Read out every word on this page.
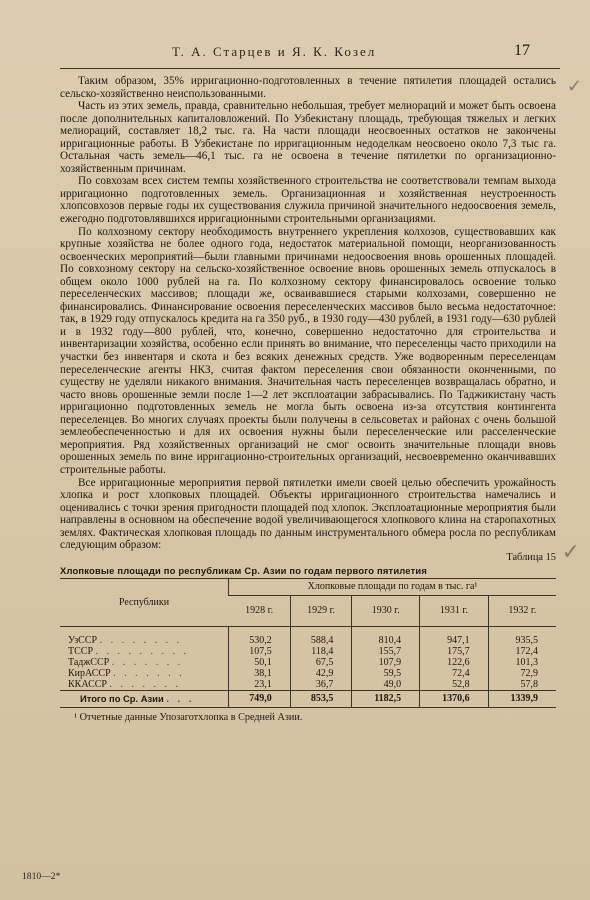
Т. А. Старцев и Я. К. Козел	17

Таким образом, 35% ирригационно-подготовленных в течение пятилетия площадей остались сельско-хозяйственно неиспользованными.

Часть из этих земель, правда, сравнительно небольшая, требует мелиораций и может быть освоена после дополнительных капиталовложений. По Узбекистану площадь, требующая тяжелых и легких мелиораций, составляет 18,2 тыс. га. На части площади неосвоенных остатков не закончены ирригационные работы. В Узбекистане по ирригационным недоделкам неосвоено около 7,3 тыс га. Остальная часть земель—46,1 тыс. га не освоена в течение пятилетки по организационно-хозяйственным причинам.

По совхозам всех систем темпы хозяйственного строительства не соответствовали темпам выхода ирригационно подготовленных земель. Организационная и хозяйственная неустроенность хлопсовхозов первые годы их существования служила причиной значительного недоосвоения земель, ежегодно подготовлявшихся ирригационными строительными организациями.

По колхозному сектору необходимость внутреннего укрепления колхозов, существовавших как крупные хозяйства не более одного года, недостаток материальной помощи, неорганизованность освоенческих мероприятий—были главными причинами недоосвоения вновь орошенных площадей. По совхозному сектору на сельско-хозяйственное освоение вновь орошенных земель отпускалось в общем около 1000 рублей на га. По колхозному сектору финансировалось освоение только переселенческих массивов; площади же, осваивавшиеся старыми колхозами, совершенно не финансировались. Финансирование освоения переселенческих массивов было весьма недостаточное: так, в 1929 году отпускалось кредита на га 350 руб., в 1930 году—430 рублей, в 1931 году—630 рублей и в 1932 году—800 рублей, что, конечно, совершенно недостаточно для строительства и инвентаризации хозяйства, особенно если принять во внимание, что переселенцы часто приходили на участки без инвентаря и скота и без всяких денежных средств. Уже водворенным переселенцам переселенческие агенты НКЗ, считая фактом переселения свои обязанности оконченными, по существу не уделяли никакого внимания. Значительная часть переселенцев возвращалась обратно, и часто вновь орошенные земли после 1—2 лет эксплоатации забрасывались. По Таджикистану часть ирригационно подготовленных земель не могла быть освоена из-за отсутствия контингента переселенцев. Во многих случаях проекты были получены в сельсоветах и районах с очень большой землеобеспеченностью и для их освоения нужны были переселенческие или расселенческие мероприятия. Ряд хозяйственных организаций не смог освоить значительные площади вновь орошенных земель по вине ирригационно-строительных организаций, несвоевременно оканчивавших строительные работы.

Все ирригационные мероприятия первой пятилетки имели своей целью обеспечить урожайность хлопка и рост хлопковых площадей. Объекты ирригационного строительства намечались и оценивались с точки зрения пригодности площадей под хлопок. Эксплоатационные мероприятия были направлены в основном на обеспечение водой увеличивающегося хлопкового клина на старопахотных землях. Фактическая хлопковая площадь по данным инструментального обмера росла по республикам следующим образом:

Таблица 15
Хлопковые площади по республикам Ср. Азии по годам первого пятилетия
Республики	Хлопковые площади по годам в тыс. га¹				
	1928 г.	1929 г.	1930 г.	1931 г.	1932 г.
УзССР . . . . . . . .	530,2	588,4	810,4	947,1	935,5
ТССР . . . . . . . . .	107,5	118,4	155,7	175,7	172,4
ТаджССР . . . . . . .	50,1	67,5	107,9	122,6	101,3
КирАССР . . . . . . .	38,1	42,9	59,5	72,4	72,9
ККАССР . . . . . . .	23,1	36,7	49,0	52,8	57,8
Итого по Ср. Азии . . .	749,0	853,5	1182,5	1370,6	1339,9
¹ Отчетные данные Упозаготхлопка в Средней Азии.
1810—2*
✓
✓
